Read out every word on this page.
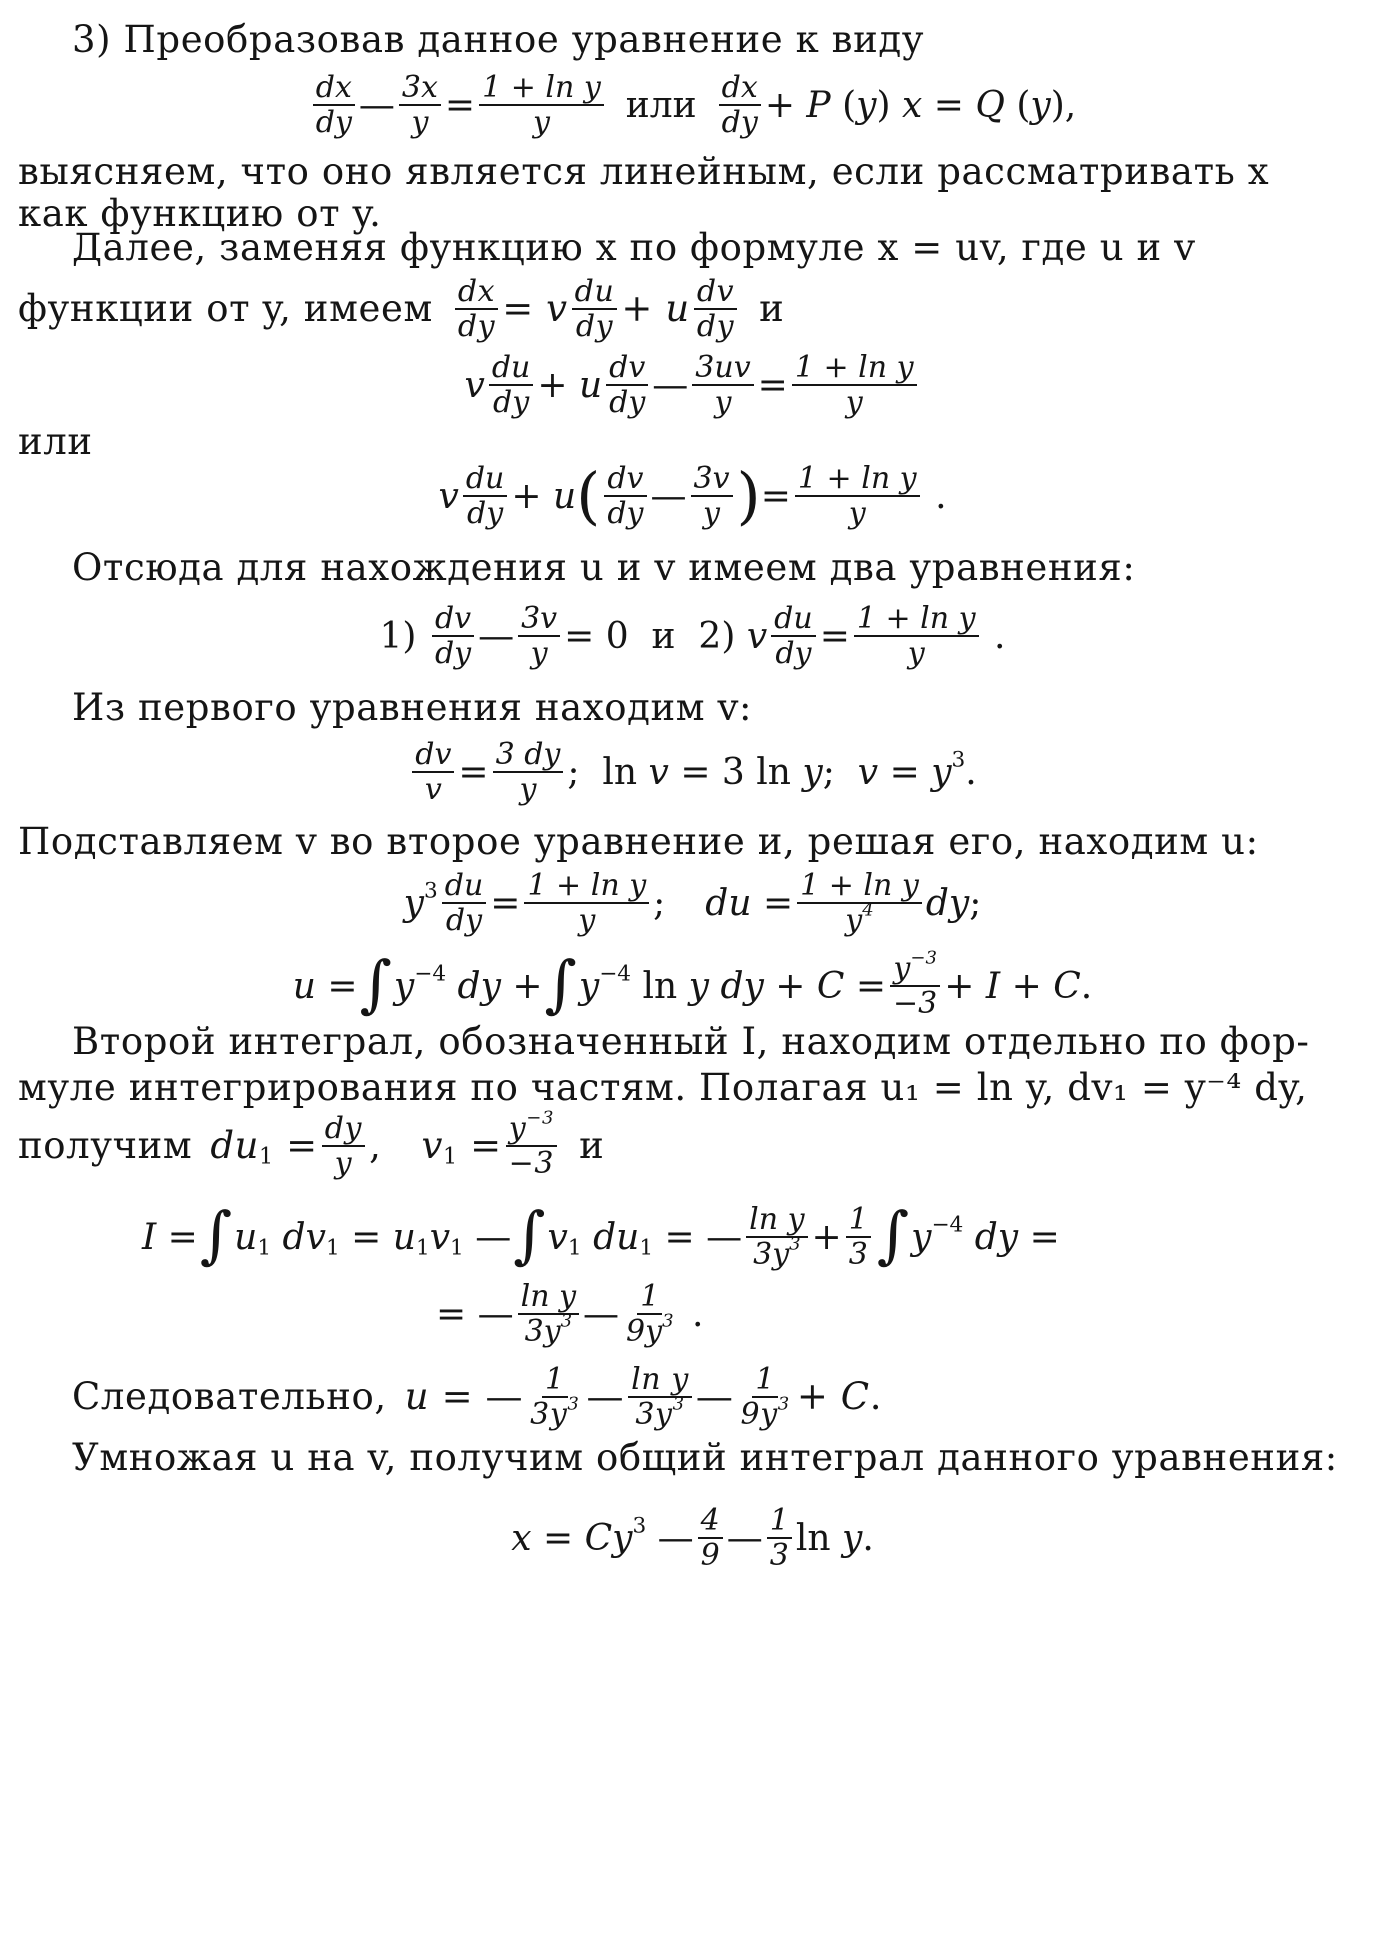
3) Преобразовав данное уравнение к виду
$\frac{dx}{dy}$ — $\frac{3x}{y} = \frac{\text{1 + ln y}}{y}$ или $\frac{dx}{dy} + P$ (y) x = Q (y),
выясняем, что оно является линейным, если рассматривать x
как функцию от y.
Далее, заменяя функцию x по формуле x = uv, где u и v
функции от y, имеем $\frac{dx}{dy} = v \frac{du}{dy} + u \frac{dv}{dy}$ и
v $\frac{du}{dy} + u \frac{dv}{dy}$ — $\frac{3uv}{y} = \frac{\text{1 + ln y}}{y}$
или
v $\frac{du}{dy} + u$ ( $\frac{dv}{dy}$ — $\frac{3v}{y}$ ) = $\frac{\text{1 + ln y}}{y}$ .
Отсюда для нахождения u и v имеем два уравнения:
$1) \frac{dv}{dy}$ — $\frac{3v}{y} = 0$  и  2) v $\frac{du}{dy} = \frac{\text{1 + ln y}}{y}$ .
Из первого уравнения находим v:
$\frac{dv}{v} = \frac{3 dy}{y}$ ;  ln v = 3 ln y;  $v = y^3$.
Подставляем v во второе уравнение и, решая его, находим u:
$y^3 \frac{du}{dy} = \frac{\text{1 + ln y}}{y}$ ; du = $\frac{\text{1 + ln y}}{y^4}$ dy;
u = ∫ $y^{-4}$ dy + ∫ $y^{-4}$ ln y dy + $C = \frac{y^{-3}}{-3} + I + C$.
Второй интеграл, обозначенный I, находим отдельно по фор-
муле интегрирования по частям. Полагая u₁ = ln y, dv₁ = y⁻⁴ dy,
получим $du_1 = \frac{dy}{y}$ , $v_1 = \frac{y^{-3}}{-3}$ и
I = ∫ $u_1$ $dv_1 = u_1v_1$ — ∫ $v_1$ $du_1$ = — $\frac{\text{ln y}}{3y^3} + \frac{1}{3}$ ∫ $y^{-4}$ dy =
= — $\frac{\text{ln y}}{3y^3}$ — $\frac{1}{9y^3}$ .
Следовательно, u = — $\frac{1}{3y^3}$ — $\frac{\text{ln y}}{3y^3}$ — $\frac{1}{9y^3} + C$.
Умножая u на v, получим общий интеграл данного уравнения:
$x = Cy^3$ — $\frac{4}{9}$ — $\frac{1}{3}$ ln y.
